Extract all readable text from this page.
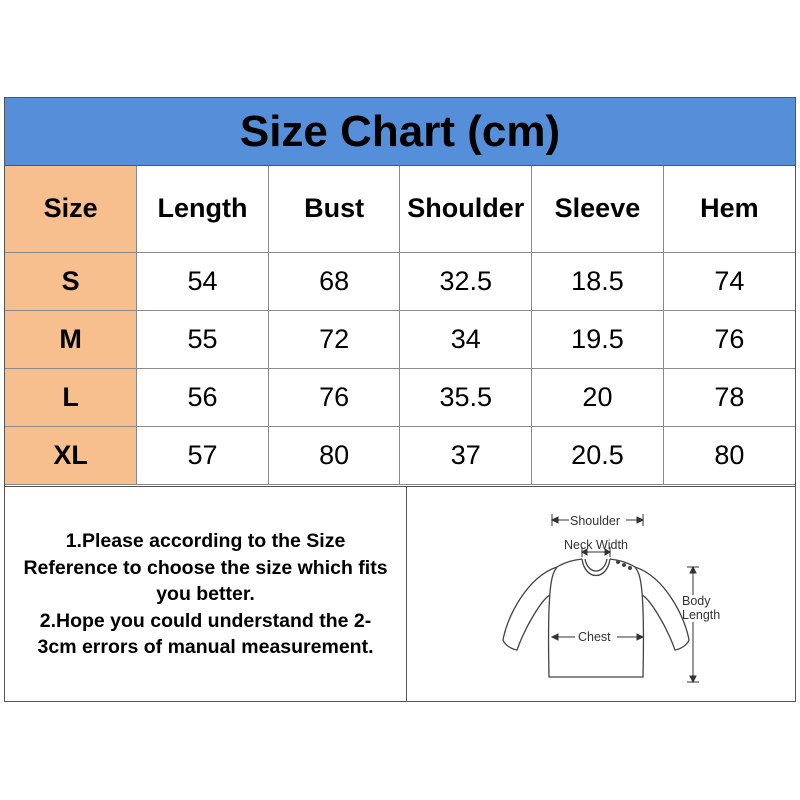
Size Chart (cm)
Size	Length	Bust	Shoulder	Sleeve	Hem
S	54	68	32.5	18.5	74
M	55	72	34	19.5	76
L	56	76	35.5	20	78
XL	57	80	37	20.5	80

1.Please according to the Size

Reference to choose the size which fits

you better.

2.Hope you could understand the 2-

3cm errors of manual measurement.

Shoulder
Neck Width
Chest
Body
Length
